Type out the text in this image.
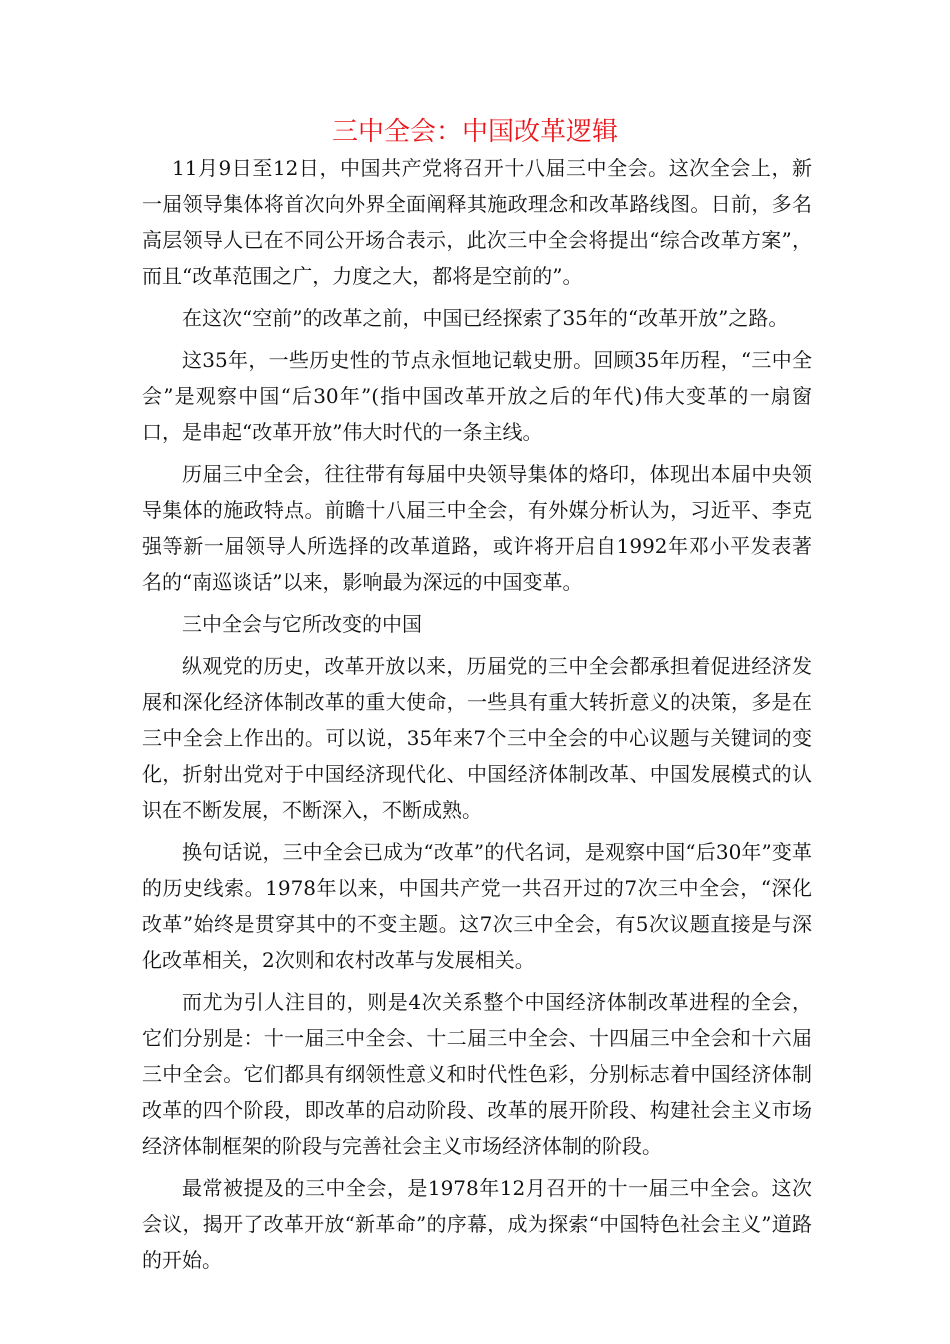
三中全会：中国改革逻辑

11月9日至12日，中国共产党将召开十八届三中全会。这次全会上，新一届领导集体将首次向外界全面阐释其施政理念和改革路线图。日前，多名高层领导人已在不同公开场合表示，此次三中全会将提出“综合改革方案”，而且“改革范围之广，力度之大，都将是空前的”。

在这次“空前”的改革之前，中国已经探索了35年的“改革开放”之路。

这35年，一些历史性的节点永恒地记载史册。回顾35年历程，“三中全会”是观察中国“后30年”(指中国改革开放之后的年代)伟大变革的一扇窗口，是串起“改革开放”伟大时代的一条主线。

历届三中全会，往往带有每届中央领导集体的烙印，体现出本届中央领导集体的施政特点。前瞻十八届三中全会，有外媒分析认为，习近平、李克强等新一届领导人所选择的改革道路，或许将开启自1992年邓小平发表著名的“南巡谈话”以来，影响最为深远的中国变革。

三中全会与它所改变的中国

纵观党的历史，改革开放以来，历届党的三中全会都承担着促进经济发展和深化经济体制改革的重大使命，一些具有重大转折意义的决策，多是在三中全会上作出的。可以说，35年来7个三中全会的中心议题与关键词的变化，折射出党对于中国经济现代化、中国经济体制改革、中国发展模式的认识在不断发展，不断深入，不断成熟。

换句话说，三中全会已成为“改革”的代名词，是观察中国“后30年”变革的历史线索。1978年以来，中国共产党一共召开过的7次三中全会，“深化改革”始终是贯穿其中的不变主题。这7次三中全会，有5次议题直接是与深化改革相关，2次则和农村改革与发展相关。

而尤为引人注目的，则是4次关系整个中国经济体制改革进程的全会，它们分别是：十一届三中全会、十二届三中全会、十四届三中全会和十六届三中全会。它们都具有纲领性意义和时代性色彩，分别标志着中国经济体制改革的四个阶段，即改革的启动阶段、改革的展开阶段、构建社会主义市场经济体制框架的阶段与完善社会主义市场经济体制的阶段。

最常被提及的三中全会，是1978年12月召开的十一届三中全会。这次会议，揭开了改革开放“新革命”的序幕，成为探索“中国特色社会主义”道路的开始。
